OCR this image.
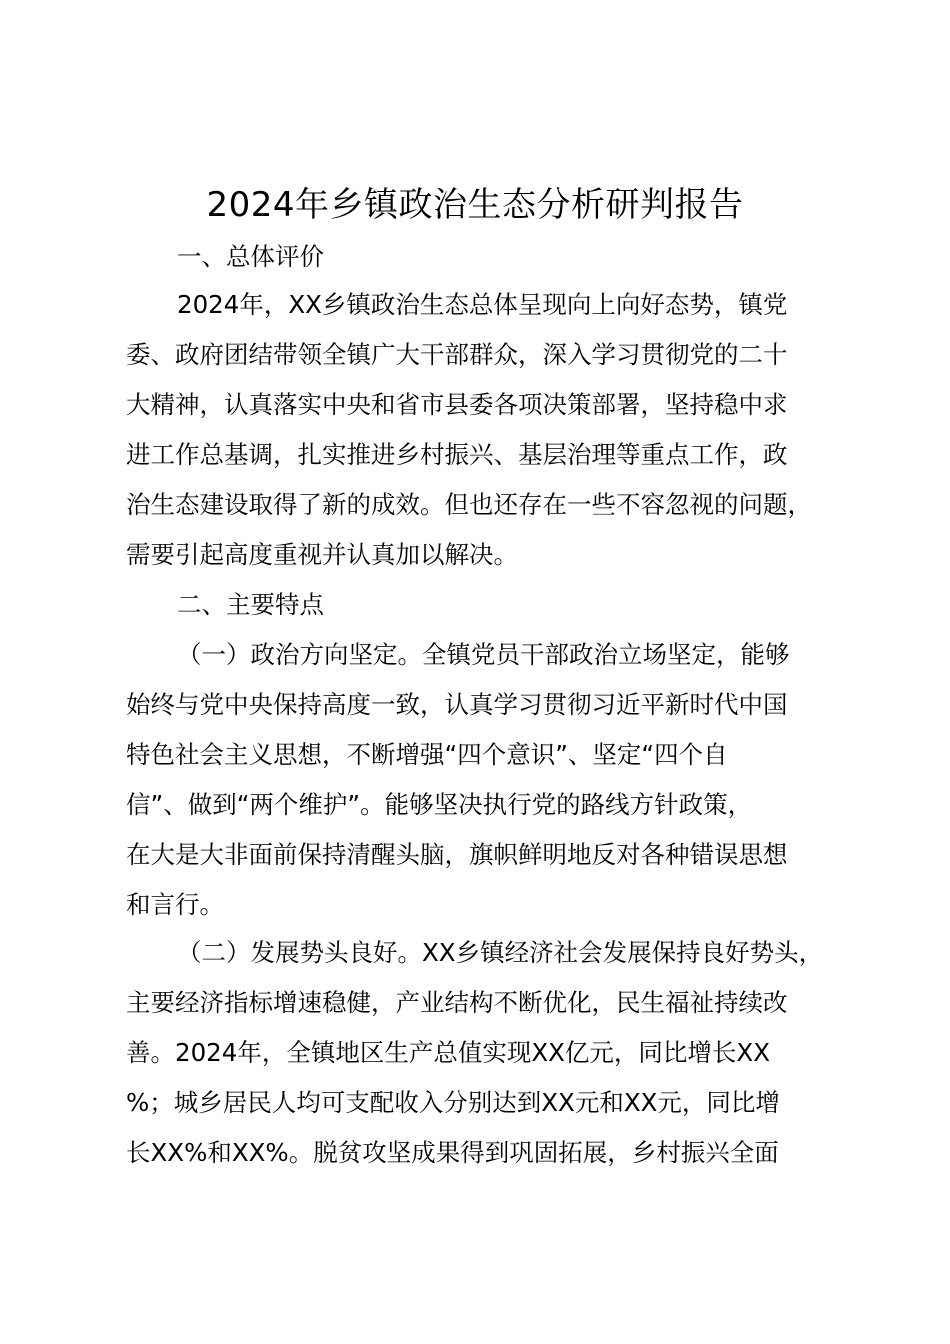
2024年乡镇政治生态分析研判报告

一、总体评价

2024年，XX乡镇政治生态总体呈现向上向好态势，镇党

委、政府团结带领全镇广大干部群众，深入学习贯彻党的二十

大精神，认真落实中央和省市县委各项决策部署，坚持稳中求

进工作总基调，扎实推进乡村振兴、基层治理等重点工作，政

治生态建设取得了新的成效。但也还存在一些不容忽视的问题，

需要引起高度重视并认真加以解决。

二、主要特点

（一）政治方向坚定。全镇党员干部政治立场坚定，能够

始终与党中央保持高度一致，认真学习贯彻习近平新时代中国

特色社会主义思想，不断增强“四个意识”、坚定“四个自

信”、做到“两个维护”。能够坚决执行党的路线方针政策，

在大是大非面前保持清醒头脑，旗帜鲜明地反对各种错误思想

和言行。

（二）发展势头良好。XX乡镇经济社会发展保持良好势头，

主要经济指标增速稳健，产业结构不断优化，民生福祉持续改

善。2024年，全镇地区生产总值实现XX亿元，同比增长XX

%；城乡居民人均可支配收入分别达到XX元和XX元，同比增

长XX%和XX%。脱贫攻坚成果得到巩固拓展，乡村振兴全面
